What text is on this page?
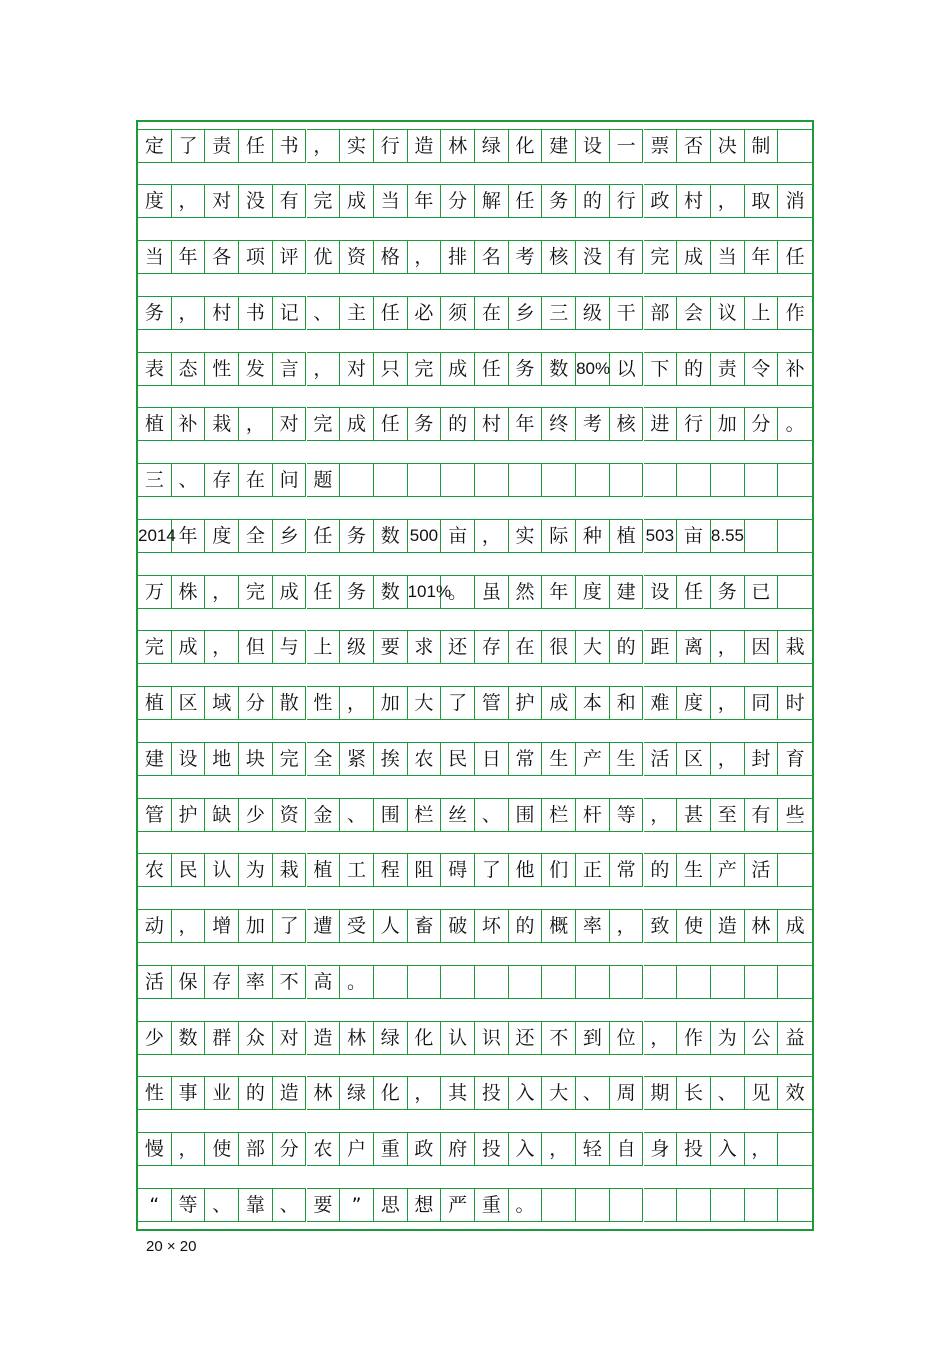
定 了 责 任 书 ， 实 行 造 林 绿 化 建 设 一 票 否 决 制
度 ， 对 没 有 完 成 当 年 分 解 任 务 的 行 政 村 ， 取 消
当 年 各 项 评 优 资 格 ， 排 名 考 核 没 有 完 成 当 年 任
务 ， 村 书 记 、 主 任 必 须 在 乡 三 级 干 部 会 议 上 作
表 态 性 发 言 ， 对 只 完 成 任 务 数 80% 以 下 的 责 令 补
植 补 栽 ， 对 完 成 任 务 的 村 年 终 考 核 进 行 加 分 。
三 、 存 在 问 题
2014 年 度 全 乡 任 务 数 500 亩 ， 实 际 种 植 503 亩 8.55
万 株 ， 完 成 任 务 数 101%
。 虽 然 年 度 建 设 任 务 已
完 成 ， 但 与 上 级 要 求 还 存 在 很 大 的 距 离 ， 因 栽
植 区 域 分 散 性 ， 加 大 了 管 护 成 本 和 难 度 ， 同 时
建 设 地 块 完 全 紧 挨 农 民 日 常 生 产 生 活 区 ， 封 育
管 护 缺 少 资 金 、 围 栏 丝 、 围 栏 杆 等 ， 甚 至 有 些
农 民 认 为 栽 植 工 程 阻 碍 了 他 们 正 常 的 生 产 活
动 ， 增 加 了 遭 受 人 畜 破 坏 的 概 率 ， 致 使 造 林 成
活 保 存 率 不 高 。
少 数 群 众 对 造 林 绿 化 认 识 还 不 到 位 ， 作 为 公 益
性 事 业 的 造 林 绿 化 ， 其 投 入 大 、 周 期 长 、 见 效
慢 ， 使 部 分 农 户 重 政 府 投 入 ， 轻 自 身 投 入 ，
“	等 、 靠 、 要	”	思 想 严 重 。
20 × 20
